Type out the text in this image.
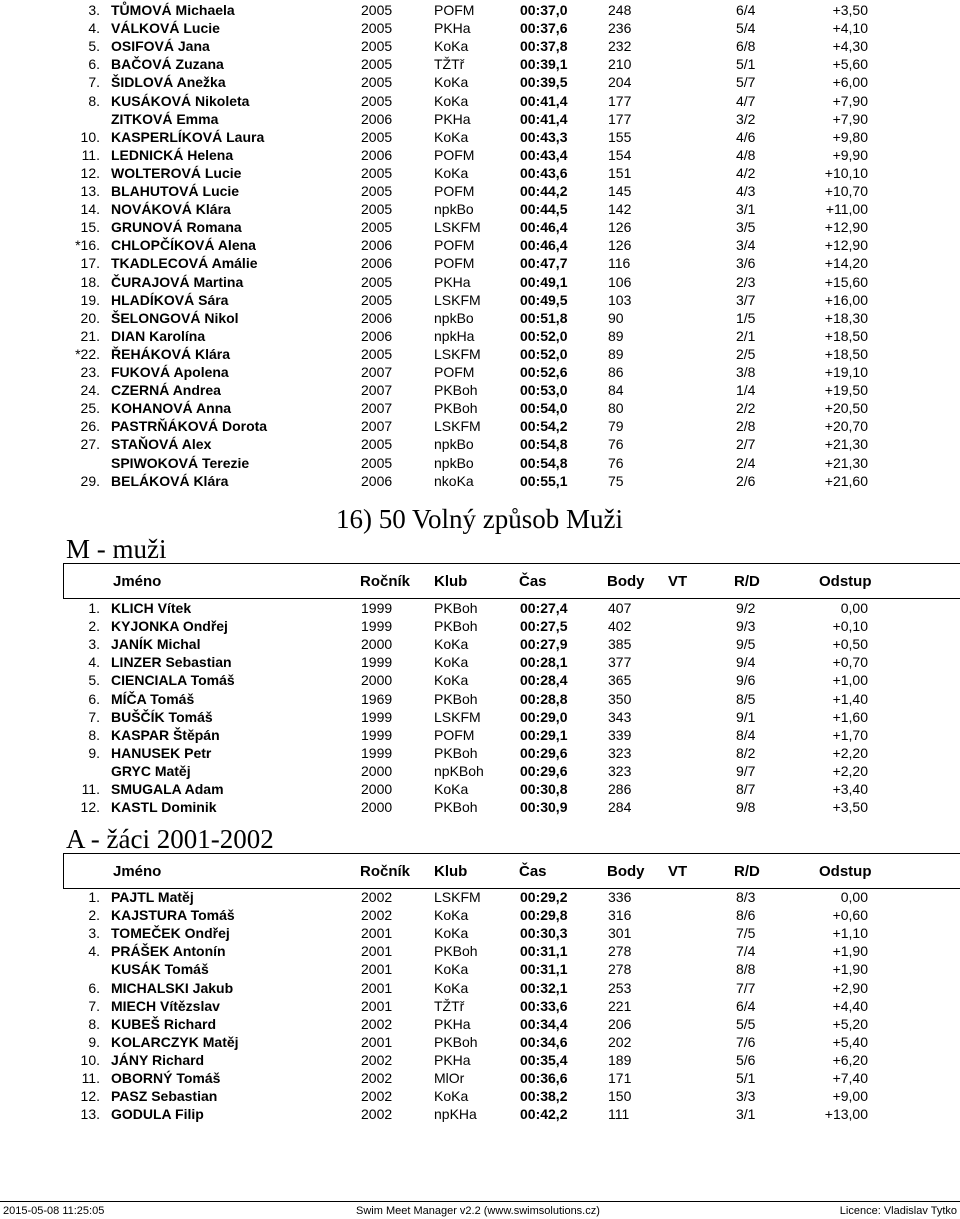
3. TŮMOVÁ Michaela	2005	POFM	00:37,0	248	6/4	+3,50
4. VÁLKOVÁ Lucie	2005	PKHa	00:37,6	236	5/4	+4,10
5. OSIFOVÁ Jana	2005	KoKa	00:37,8	232	6/8	+4,30
6. BAČOVÁ Zuzana	2005	TŽTř	00:39,1	210	5/1	+5,60
7. ŠIDLOVÁ Anežka	2005	KoKa	00:39,5	204	5/7	+6,00
8. KUSÁKOVÁ Nikoleta	2005	KoKa	00:41,4	177	4/7	+7,90
ZITKOVÁ Emma	2006	PKHa	00:41,4	177	3/2	+7,90
10. KASPERLÍKOVÁ Laura	2005	KoKa	00:43,3	155	4/6	+9,80
11. LEDNICKÁ Helena	2006	POFM	00:43,4	154	4/8	+9,90
12. WOLTEROVÁ Lucie	2005	KoKa	00:43,6	151	4/2	+10,10
13. BLAHUTOVÁ Lucie	2005	POFM	00:44,2	145	4/3	+10,70
14. NOVÁKOVÁ Klára	2005	npkBo	00:44,5	142	3/1	+11,00
15. GRUNOVÁ Romana	2005	LSKFM	00:46,4	126	3/5	+12,90
*16. CHLOPČÍKOVÁ Alena	2006	POFM	00:46,4	126	3/4	+12,90
17. TKADLECOVÁ Amálie	2006	POFM	00:47,7	116	3/6	+14,20
18. ČURAJOVÁ Martina	2005	PKHa	00:49,1	106	2/3	+15,60
19. HLADÍKOVÁ Sára	2005	LSKFM	00:49,5	103	3/7	+16,00
20. ŠELONGOVÁ Nikol	2006	npkBo	00:51,8	90	1/5	+18,30
21. DIAN Karolína	2006	npkHa	00:52,0	89	2/1	+18,50
*22. ŘEHÁKOVÁ Klára	2005	LSKFM	00:52,0	89	2/5	+18,50
23. FUKOVÁ Apolena	2007	POFM	00:52,6	86	3/8	+19,10
24. CZERNÁ Andrea	2007	PKBoh	00:53,0	84	1/4	+19,50
25. KOHANOVÁ Anna	2007	PKBoh	00:54,0	80	2/2	+20,50
26. PASTRŇÁKOVÁ Dorota	2007	LSKFM	00:54,2	79	2/8	+20,70
27. STAŇOVÁ Alex	2005	npkBo	00:54,8	76	2/7	+21,30
SPIWOKOVÁ Terezie	2005	npkBo	00:54,8	76	2/4	+21,30
29. BELÁKOVÁ Klára	2006	nkoKa	00:55,1	75	2/6	+21,60
16) 50 Volný způsob Muži
M - muži
Jméno	Ročník Klub	Čas	Body VT	R/D	Odstup
1. KLICH Vítek	1999	PKBoh	00:27,4	407	9/2	0,00
2. KYJONKA Ondřej	1999	PKBoh	00:27,5	402	9/3	+0,10
3. JANÍK Michal	2000	KoKa	00:27,9	385	9/5	+0,50
4. LINZER Sebastian	1999	KoKa	00:28,1	377	9/4	+0,70
5. CIENCIALA Tomáš	2000	KoKa	00:28,4	365	9/6	+1,00
6. MÍČA Tomáš	1969	PKBoh	00:28,8	350	8/5	+1,40
7. BUŠČÍK Tomáš	1999	LSKFM	00:29,0	343	9/1	+1,60
8. KASPAR Štěpán	1999	POFM	00:29,1	339	8/4	+1,70
9. HANUSEK Petr	1999	PKBoh	00:29,6	323	8/2	+2,20
GRYC Matěj	2000	npKBoh	00:29,6	323	9/7	+2,20
11. SMUGALA Adam	2000	KoKa	00:30,8	286	8/7	+3,40
12. KASTL Dominik	2000	PKBoh	00:30,9	284	9/8	+3,50
A - žáci 2001-2002
Jméno	Ročník Klub	Čas	Body VT	R/D	Odstup
1. PAJTL Matěj	2002	LSKFM	00:29,2	336	8/3	0,00
2. KAJSTURA Tomáš	2002	KoKa	00:29,8	316	8/6	+0,60
3. TOMEČEK Ondřej	2001	KoKa	00:30,3	301	7/5	+1,10
4. PRÁŠEK Antonín	2001	PKBoh	00:31,1	278	7/4	+1,90
KUSÁK Tomáš	2001	KoKa	00:31,1	278	8/8	+1,90
6. MICHALSKI Jakub	2001	KoKa	00:32,1	253	7/7	+2,90
7. MIECH Vítězslav	2001	TŽTř	00:33,6	221	6/4	+4,40
8. KUBEŠ Richard	2002	PKHa	00:34,4	206	5/5	+5,20
9. KOLARCZYK Matěj	2001	PKBoh	00:34,6	202	7/6	+5,40
10. JÁNY Richard	2002	PKHa	00:35,4	189	5/6	+6,20
11. OBORNÝ Tomáš	2002	MlOr	00:36,6	171	5/1	+7,40
12. PASZ Sebastian	2002	KoKa	00:38,2	150	3/3	+9,00
13. GODULA Filip	2002	npKHa	00:42,2	111	3/1	+13,00
2015-05-08 11:25:05	Swim Meet Manager v2.2 (www.swimsolutions.cz)	Licence: Vladislav Tytko
